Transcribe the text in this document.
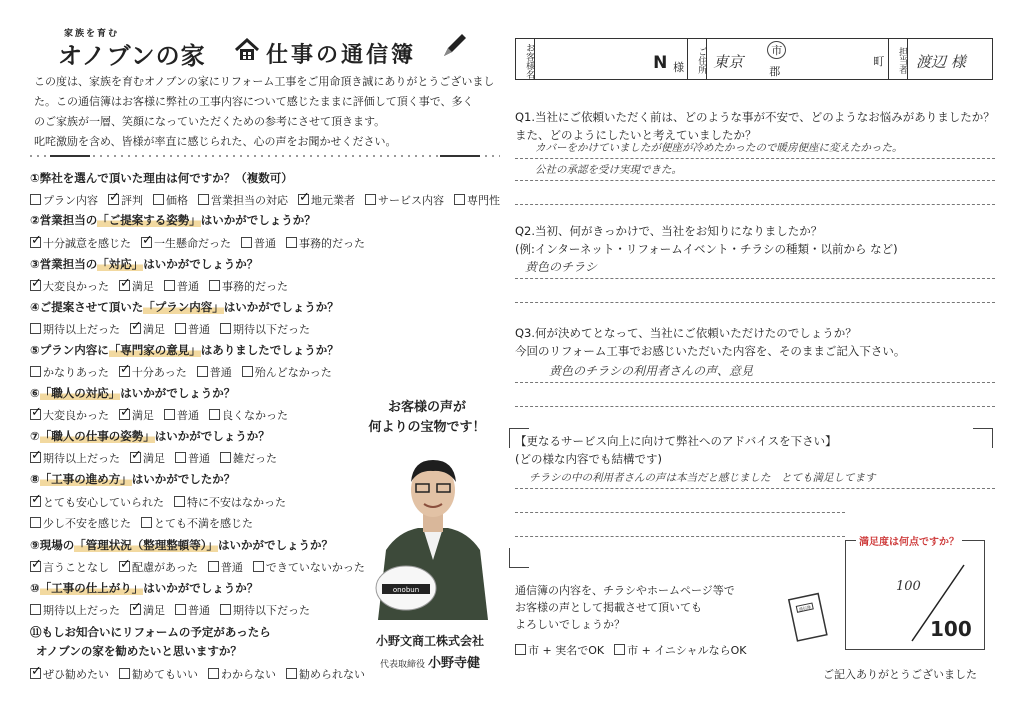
家族を育む
オノブンの家	仕事の通信簿
この度は、家族を育むオノブンの家にリフォーム工事をご用命頂き誠にありがとうございまし
た。この通信簿はお客様に弊社の工事内容について感じたままに評価して頂く事で、多く
のご家族が一層、笑顔になっていただくための参考にさせて頂きます。
叱咤激励を含め、皆様が率直に感じられた、心の声をお聞かせください。
①弊社を選んで頂いた理由は何ですか？（複数可）
プラン内容 ✓ 評判 価格 営業担当の対応 ✓ 地元業者 サービス内容 専門性
②営業担当の「ご提案する姿勢」はいかがでしょうか？
✓十分誠意を感じた ✓ 一生懸命だった 普通 事務的だった
③営業担当の「対応」はいかがでしょうか？
✓大変良かった ✓ 満足 普通 事務的だった
④ご提案させて頂いた「プラン内容」はいかがでしょうか？
期待以上だった ✓ 満足 普通 期待以下だった
⑤プラン内容に「専門家の意見」はありましたでしょうか？
かなりあった ✓ 十分あった 普通 殆んどなかった
⑥「職人の対応」はいかがでしょうか？
✓大変良かった ✓ 満足 普通 良くなかった
⑦「職人の仕事の姿勢」はいかがでしょうか？
✓期待以上だった ✓ 満足 普通 雑だった
⑧「工事の進め方」はいかがでしたか？
✓とても安心していられた 特に不安はなかった
少し不安を感じた とても不満を感じた
⑨現場の「管理状況（整理整頓等）」はいかがでしょうか？
✓言うことなし ✓ 配慮があった 普通 できていないかった
⑩「工事の仕上がり」はいかがでしょうか？
期待以上だった ✓ 満足 普通 期待以下だった
⑪もしお知合いにリフォームの予定があったら
オノブンの家を勧めたいと思いますか？
✓ぜひ勧めたい 勧めてもいい わからない 勧められない
お客様の声が
何よりの宝物です！
onobun
小野文商工株式会社
代表取締役 小野寺健
お客様名	N 様	ご住所 東京
市
郡
町	担当者 渡辺 様
Q1.当社にご依頼いただく前は、どのような事が不安で、どのようなお悩みがありましたか？
また、どのようにしたいと考えていましたか？
カバーをかけていましたが便座が冷めたかったので暖房便座に変えたかった。
公社の承認を受け実現できた。
Q2.当初、何がきっかけで、当社をお知りになりましたか？
(例:インターネット・リフォームイベント・チラシの種類・以前から など)
黄色のチラシ
Q3.何が決めてとなって、当社にご依頼いただけたのでしょうか？
今回のリフォーム工事でお感じいただいた内容を、そのままご記入下さい。
黄色のチラシの利用者さんの声、意見
【更なるサービス向上に向けて弊社へのアドバイスを下さい】
(どの様な内容でも結構です)
チラシの中の利用者さんの声は本当だと感じました　とても満足してます
満足度は何点ですか？
100
100
通信簿の内容を、チラシやホームページ等で
お客様の声として掲載させて頂いても
よろしいでしょうか？
通信簿
市 + 実名でOK 市 + イニシャルならOK
ご記入ありがとうございました
